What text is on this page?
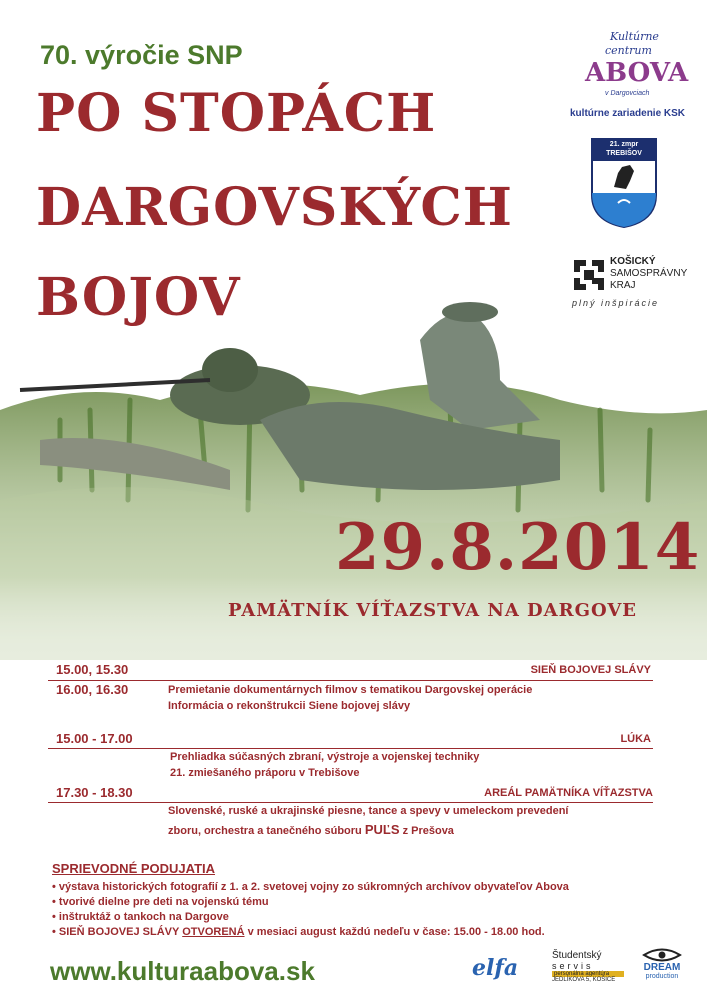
70. výročie SNP
PO STOPÁCH
DARGOVSKÝCH
BOJOV
Kultúrne
centrum
ABOVA
v Dargovciach
kultúrne zariadenie KSK
21. zmpr
TREBIŠOV
KOŠICKÝ
SAMOSPRÁVNY
KRAJ
plný inšpirácie
29.8.2014
PAMÄTNÍK VÍŤAZSTVA NA DARGOVE
15.00, 15.30	SIEŇ BOJOVEJ SLÁVY
16.00, 16.30	Premietanie dokumentárnych filmov s tematikou Dargovskej operácie
Informácia o rekonštrukcii Siene bojovej slávy
15.00 - 17.00	LÚKA
Prehliadka súčasných zbraní, výstroje a vojenskej techniky
21. zmiešaného práporu v Trebišove
17.30 - 18.30	AREÁL PAMÄTNÍKA VÍŤAZSTVA
Slovenské, ruské a ukrajinské piesne, tance a spevy v umeleckom prevedení
zboru, orchestra a tanečného súboru PUĽS z Prešova
SPRIEVODNÉ PODUJATIA
• výstava historických fotografií z 1. a 2. svetovej vojny zo súkromných archívov obyvateľov Abova
• tvorivé dielne pre deti na vojenskú tému
• inštruktáž o tankoch na Dargove
• SIEŇ BOJOVEJ SLÁVY OTVORENÁ v mesiaci august každú nedeľu v čase: 15.00 - 18.00 hod.
www.kulturaabova.sk	elfa	Študentský
servis
personálna agentúra
JEDLÍKOVA 5, KOŠICE
DREAM
production
